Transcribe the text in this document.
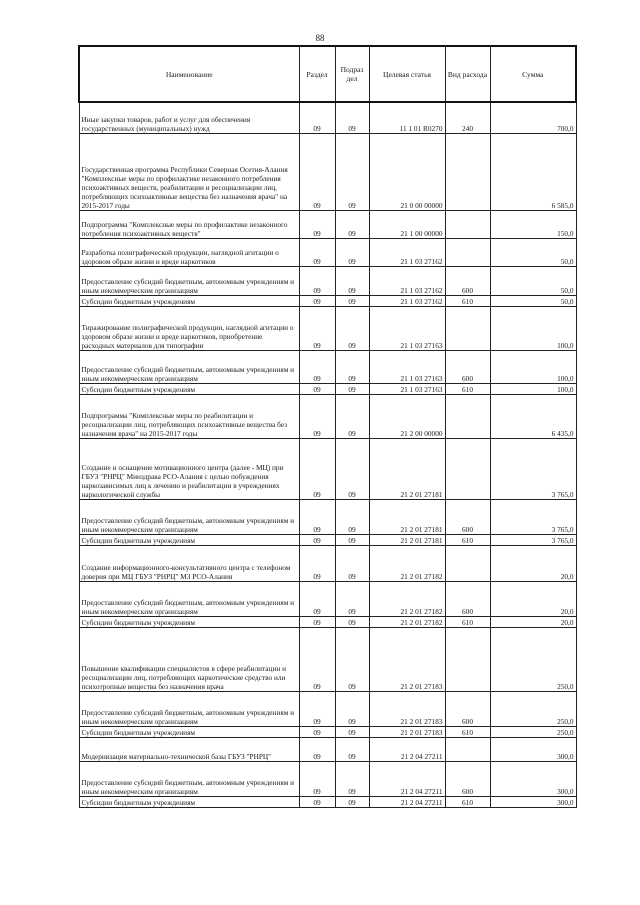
88
Наименование	Раздел	Подраз дел	Целевая статья	Вид расхода	Сумма
Иные закупки товаров, работ и услуг для обеспечения государственных (муниципальных) нужд	09	09	11 1 01 R0270	240	700,0
Государственная программа Республики Северная Осетия-Алания "Комплексные меры по профилактике незаконного потребления психоактивных веществ, реабилитации и ресоциализации лиц, потребляющих психоактивные вещества без назначения врача" на 2015-2017 годы	09	09	21 0 00 00000		6 585,0
Подпрограмма "Комплексные меры по профилактике незаконного потребления психоактивных веществ"	09	09	21 1 00 00000		150,0
Разработка полиграфической продукции, наглядной агитации о здоровом образе жизни и вреде наркотиков	09	09	21 1 03 27162		50,0
Предоставление субсидий бюджетным, автономным учреждениям и иным некоммерческим организациям	09	09	21 1 03 27162	600	50,0
Субсидии бюджетным учреждениям	09	09	21 1 03 27162	610	50,0
Тиражирование полиграфической продукции, наглядной агитации о здоровом образе жизни и вреде наркотиков, приобретение расходных материалов для типографии	09	09	21 1 03 27163		100,0
Предоставление субсидий бюджетным, автономным учреждениям и иным некоммерческим организациям	09	09	21 1 03 27163	600	100,0
Субсидии бюджетным учреждениям	09	09	21 1 03 27163	610	100,0
Подпрограмма "Комплексные меры по реабилитации и ресоциализации лиц, потребляющих психоактивные вещества без назначения врача" на 2015-2017 годы	09	09	21 2 00 00000		6 435,0
Создание и оснащение мотивационного центра (далее - МЦ) при ГБУЗ "РНРЦ" Минздрава РСО-Алания с целью побуждения наркозависимых лиц к лечению и реабилитации в учреждениях наркологической службы	09	09	21 2 01 27181		3 765,0
Предоставление субсидий бюджетным, автономным учреждениям и иным некоммерческим организациям	09	09	21 2 01 27181	600	3 765,0
Субсидии бюджетным учреждениям	09	09	21 2 01 27181	610	3 765,0
Создание информационного-консультативного центра с телефоном доверия при МЦ ГБУЗ "РНРЦ" МЗ РСО-Алания	09	09	21 2 01 27182		20,0
Предоставление субсидий бюджетным, автономным учреждениям и иным некоммерческим организациям	09	09	21 2 01 27182	600	20,0
Субсидии бюджетным учреждениям	09	09	21 2 01 27182	610	20,0
Повышение квалификации специалистов в сфере реабилитации и ресоциализации лиц, потребляющих наркотические средство или психотропные вещества без назначения врача	09	09	21 2 01 27183		250,0
Предоставление субсидий бюджетным, автономным учреждениям и иным некоммерческим организациям	09	09	21 2 01 27183	600	250,0
Субсидии бюджетным учреждениям	09	09	21 2 01 27183	610	250,0
Модернизация материально-технической базы ГБУЗ "РНРЦ"	09	09	21 2 04 27211		300,0
Предоставление субсидий бюджетным, автономным учреждениям и иным некоммерческим организациям	09	09	21 2 04 27211	600	300,0
Субсидии бюджетным учреждениям	09	09	21 2 04 27211	610	300,0
